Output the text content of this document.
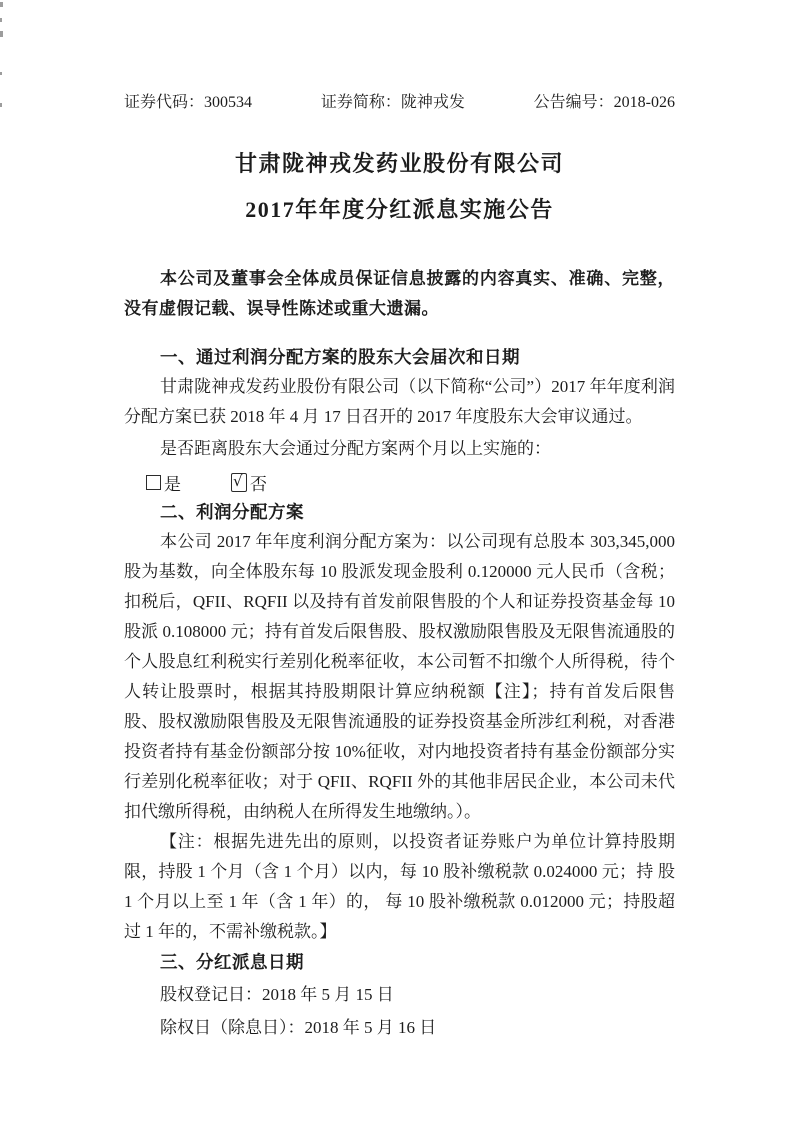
证券代码：300534	证券简称：陇神戎发	公告编号：2018-026
甘肃陇神戎发药业股份有限公司
2017年年度分红派息实施公告

本公司及董事会全体成员保证信息披露的内容真实、准确、完整，没有虚假记载、误导性陈述或重大遗漏。

一、通过利润分配方案的股东大会届次和日期

甘肃陇神戎发药业股份有限公司（以下简称“公司”）2017 年年度利润分配方案已获 2018 年 4 月 17 日召开的 2017 年度股东大会审议通过。

是否距离股东大会通过分配方案两个月以上实施的：
是	√ 否
二、利润分配方案

本公司 2017 年年度利润分配方案为：以公司现有总股本 303,345,000 股为基数，向全体股东每 10 股派发现金股利 0.120000 元人民币（含税；扣税后，QFII、RQFII 以及持有首发前限售股的个人和证券投资基金每 10 股派 0.108000 元；持有首发后限售股、股权激励限售股及无限售流通股的个人股息红利税实行差别化税率征收，本公司暂不扣缴个人所得税，待个人转让股票时，根据其持股期限计算应纳税额【注】；持有首发后限售股、股权激励限售股及无限售流通股的证券投资基金所涉红利税，对香港投资者持有基金份额部分按 10%征收，对内地投资者持有基金份额部分实行差别化税率征收；对于 QFII、RQFII 外的其他非居民企业，本公司未代扣代缴所得税，由纳税人在所得发生地缴纳。）。

【注：根据先进先出的原则，以投资者证券账户为单位计算持股期限，持股 1 个月（含 1 个月）以内，每 10 股补缴税款 0.024000 元；持 股 1 个月以上至 1 年（含 1 年）的， 每 10 股补缴税款 0.012000 元；持股超过 1 年的，不需补缴税款。】

三、分红派息日期
股权登记日：2018 年 5 月 15 日
除权日（除息日）：2018 年 5 月 16 日
